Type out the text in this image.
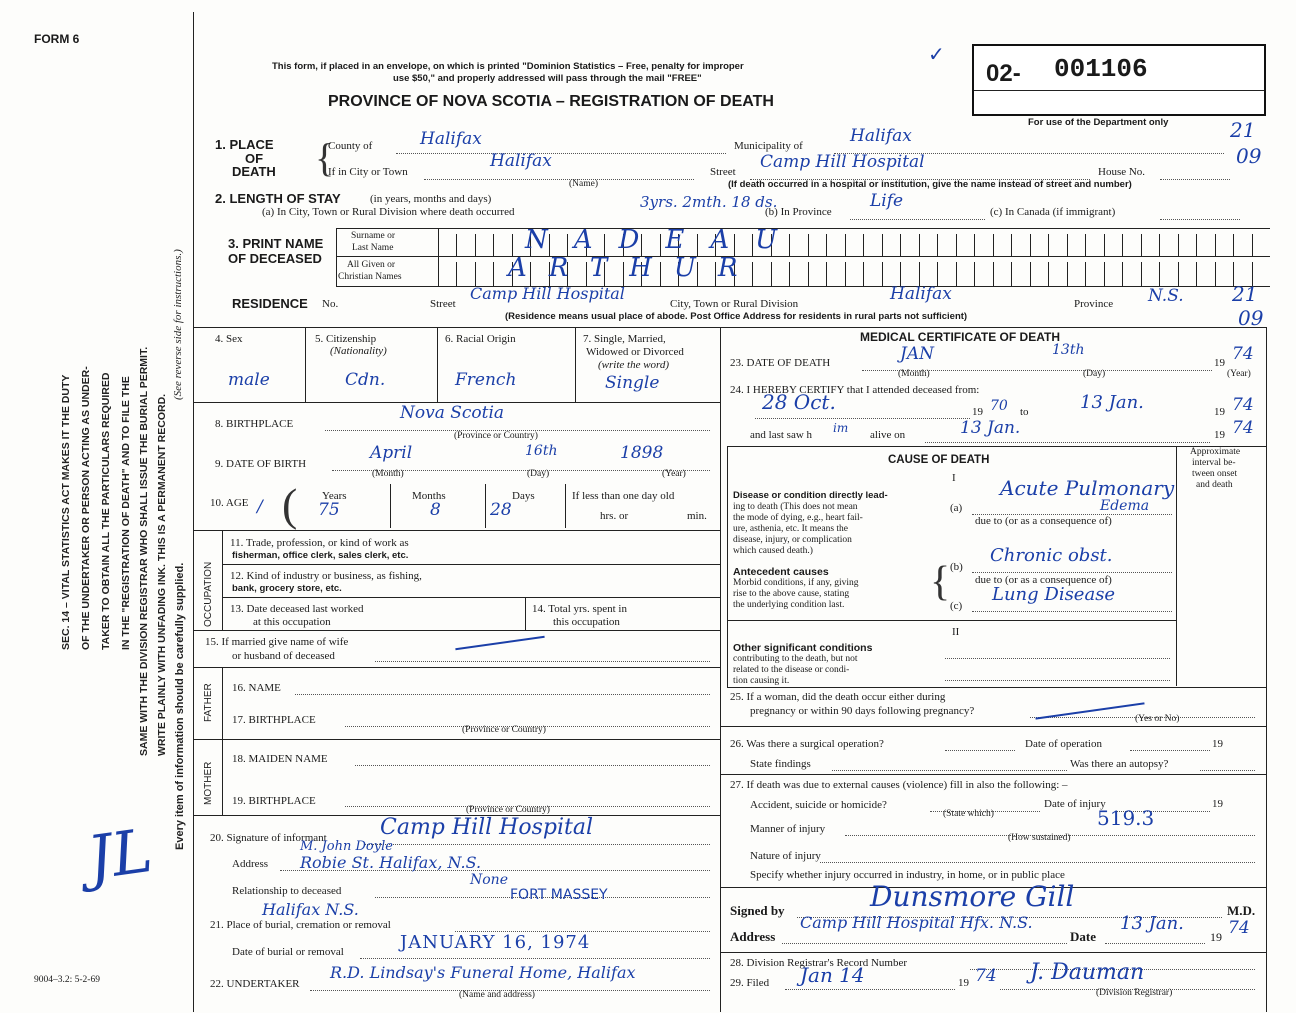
FORM 6
This form, if placed in an envelope, on which is printed "Dominion Statistics – Free, penalty for improper
use $50," and properly addressed will pass through the mail "FREE"
PROVINCE OF NOVA SCOTIA – REGISTRATION OF DEATH
✓
02- 001106
For use of the Department only
SEC. 14 – VITAL STATISTICS ACT MAKES IT THE DUTY OF THE UNDERTAKER OR PERSON ACTING AS UNDER- TAKER TO OBTAIN ALL THE PARTICULARS REQUIRED IN THE "REGISTRATION OF DEATH" AND TO FILE THE SAME WITH THE DIVISION REGISTRAR WHO SHALL ISSUE THE BURIAL PERMIT. WRITE PLAINLY WITH UNFADING INK. THIS IS A PERMANENT RECORD.
(See reverse side for instructions.)
Every item of information should be carefully supplied.
9004–3.2: 5-2-69
JL
1. PLACE
OF
DEATH {
County of	Halifax	Municipality of	Halifax	21
09
If in City or Town
Halifax
(Name)
Street Camp Hill Hospital	House No.
(If death occurred in a hospital or institution, give the name instead of street and number)
2. LENGTH OF STAY	(in years, months and days)
(a) In City, Town or Rural Division where death occurred
3yrs. 2mth. 18 ds.
(b) In Province
Life
(c) In Canada (if immigrant)
3. PRINT NAME
OF DECEASED
Surname or
Last Name
All Given or
Christian Names
NADEAU
ARTHUR
RESIDENCE No.	Street
Camp Hill Hospital
City, Town or Rural Division	Halifax	Province N.S.
(Residence means usual place of abode. Post Office Address for residents in rural parts not sufficient)
21
09
4. Sex
male
5. Citizenship
(Nationality)
Cdn.
6. Racial Origin
French
7. Single, Married,
Widowed or Divorced
(write the word)
Single
8. BIRTHPLACE
Nova Scotia
(Province or Country)
9. DATE OF BIRTH
April	16th	1898
(Month)	(Day)	(Year)
10. AGE ( Years	Months	Days
75	8	28
If less than one day old
hrs. or	min.
/
OCCUPATION
11. Trade, profession, or kind of work as
fisherman, office clerk, sales clerk, etc.
12. Kind of industry or business, as fishing,
bank, grocery store, etc.
13. Date deceased last worked
at this occupation
14. Total yrs. spent in
this occupation
15. If married give name of wife
or husband of deceased
FATHER 16. NAME
17. BIRTHPLACE
(Province or Country)
MOTHER
18. MAIDEN NAME
19. BIRTHPLACE
(Province or Country)
20. Signature of informant Camp Hill Hospital
Address
M. John Doyle
Robie St. Halifax, N.S.
Relationship to deceased
None
FORT MASSEY
21. Place of burial, cremation or removal
Halifax N.S.
Date of burial or removal	JANUARY 16, 1974
22. UNDERTAKER
R.D. Lindsay's Funeral Home, Halifax
(Name and address)
MEDICAL CERTIFICATE OF DEATH
23. DATE OF DEATH	JAN	13th
19 74
(Month)	(Day)	(Year)
24. I HEREBY CERTIFY that I attended deceased from:
28 Oct.	19 70 to	13 Jan.	19 74
and last saw h im alive on	13 Jan.	19 74
CAUSE OF DEATH
I
Approximate
interval be-
tween onset
and death
Disease or condition directly lead-
ing to death (This does not mean
the mode of dying, e.g., heart fail-
ure, asthenia, etc. It means the
disease, injury, or complication
which caused death.)
(a)
Acute Pulmonary
Edema
due to (or as a consequence of)
Antecedent causes
Morbid conditions, if any, giving
rise to the above cause, stating
the underlying condition last. { (b)
Chronic obst.
due to (or as a consequence of)
(c)
Lung Disease
II
Other significant conditions
contributing to the death, but not
related to the disease or condi-
tion causing it.
25. If a woman, did the death occur either during
pregnancy or within 90 days following pregnancy?
(Yes or No)
26. Was there a surgical operation?	Date of operation	19
State findings	Was there an autopsy?
27. If death was due to external causes (violence) fill in also the following: –
Accident, suicide or homicide?	Date of injury	19
(State which)
Manner of injury	519.3
(How sustained)
Nature of injury
Specify whether injury occurred in industry, in home, or in public place
Signed by	Dunsmore Gill	M.D.
Address
Camp Hill Hospital Hfx. N.S.
Date
13 Jan.
19 74
28. Division Registrar's Record Number
29. Filed Jan 14	19 74 J. Dauman
(Division Registrar)
